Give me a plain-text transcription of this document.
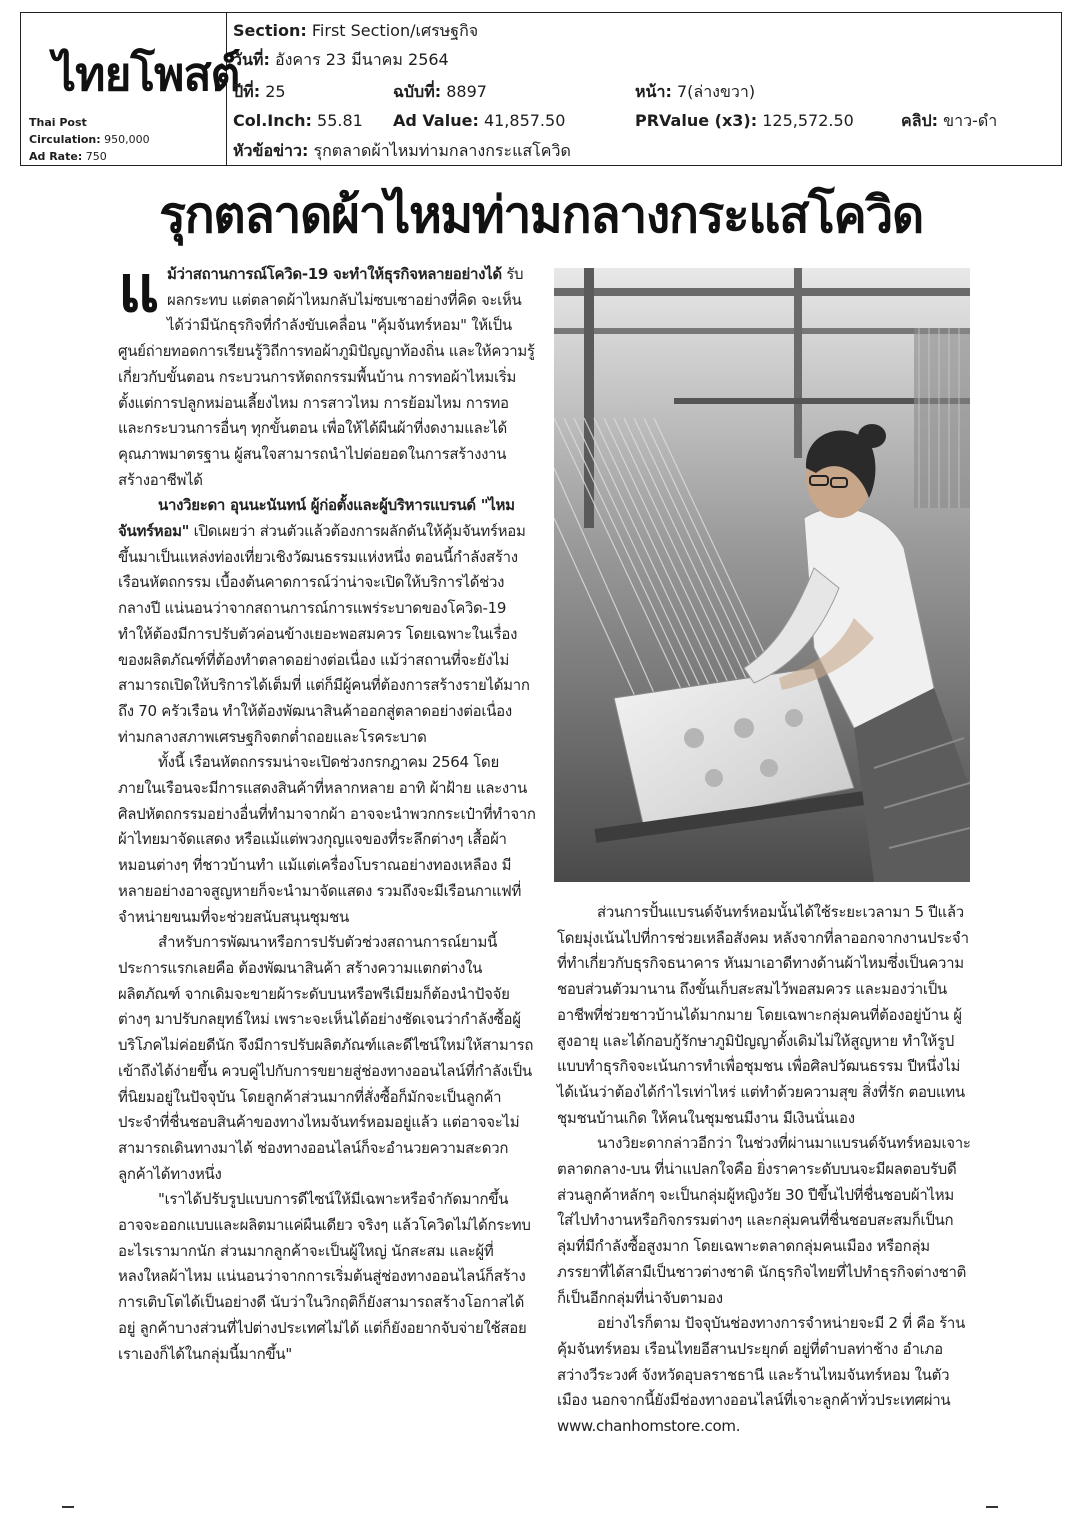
ไทยโพสต์
Thai Post
Circulation: 950,000
Ad Rate: 750
Section: First Section/เศรษฐกิจ
วันที่: อังคาร 23 มีนาคม 2564
ปีที่: 25	ฉบับที่: 8897	หน้า: 7(ล่างขวา)
Col.Inch: 55.81 Ad Value: 41,857.50	PRValue (x3): 125,572.50	คลิป: ขาว-ดำ
หัวข้อข่าว: รุกตลาดผ้าไหมท่ามกลางกระแสโควิด
รุกตลาดผ้าไหมท่ามกลางกระแสโควิด

แ ม้ว่าสถานการณ์โควิด-19 จะทำให้ธุรกิจหลายอย่างได้ รับผลกระทบ แต่ตลาดผ้าไหมกลับไม่ซบเซาอย่างที่คิด จะเห็นได้ว่ามีนักธุรกิจที่กำลังขับเคลื่อน "คุ้มจันทร์หอม" ให้เป็นศูนย์ถ่ายทอดการเรียนรู้วิถีการทอผ้าภูมิปัญญาท้องถิ่น และให้ความรู้เกี่ยวกับขั้นตอน กระบวนการหัตถกรรมพื้นบ้าน การทอผ้าไหมเริ่มตั้งแต่การปลูกหม่อนเลี้ยงไหม การสาวไหม การย้อมไหม การทอ และกระบวนการอื่นๆ ทุกขั้นตอน เพื่อให้ได้ผืนผ้าที่งดงามและได้คุณภาพมาตรฐาน ผู้สนใจสามารถนำไปต่อยอดในการสร้างงาน สร้างอาชีพได้

นางวิยะดา อุนนะนันทน์ ผู้ก่อตั้งและผู้บริหารแบรนด์ "ไหมจันทร์หอม" เปิดเผยว่า ส่วนตัวแล้วต้องการผลักดันให้คุ้มจันทร์หอมขึ้นมาเป็นแหล่งท่องเที่ยวเชิงวัฒนธรรมแห่งหนึ่ง ตอนนี้กำลังสร้างเรือนหัตถกรรม เบื้องต้นคาดการณ์ว่าน่าจะเปิดให้บริการได้ช่วงกลางปี แน่นอนว่าจากสถานการณ์การแพร่ระบาดของโควิด-19 ทำให้ต้องมีการปรับตัวค่อนข้างเยอะพอสมควร โดยเฉพาะในเรื่องของผลิตภัณฑ์ที่ต้องทำตลาดอย่างต่อเนื่อง แม้ว่าสถานที่จะยังไม่สามารถเปิดให้บริการได้เต็มที่ แต่ก็มีผู้คนที่ต้องการสร้างรายได้มากถึง 70 ครัวเรือน ทำให้ต้องพัฒนาสินค้าออกสู่ตลาดอย่างต่อเนื่อง ท่ามกลางสภาพเศรษฐกิจตกต่ำถอยและโรคระบาด

ทั้งนี้ เรือนหัตถกรรมน่าจะเปิดช่วงกรกฎาคม 2564 โดยภายในเรือนจะมีการแสดงสินค้าที่หลากหลาย อาทิ ผ้าฝ้าย และงานศิลปหัตถกรรมอย่างอื่นที่ทำมาจากผ้า อาจจะนำพวกกระเป๋าที่ทำจากผ้าไทยมาจัดแสดง หรือแม้แต่พวงกุญแจของที่ระลึกต่างๆ เสื้อผ้า หมอนต่างๆ ที่ชาวบ้านทำ แม้แต่เครื่องโบราณอย่างทองเหลือง มีหลายอย่างอาจสูญหายก็จะนำมาจัดแสดง รวมถึงจะมีเรือนกาแฟที่จำหน่ายขนมที่จะช่วยสนับสนุนชุมชน

สำหรับการพัฒนาหรือการปรับตัวช่วงสถานการณ์ยามนี้ ประการแรกเลยคือ ต้องพัฒนาสินค้า สร้างความแตกต่างในผลิตภัณฑ์ จากเดิมจะขายผ้าระดับบนหรือพรีเมียมก็ต้องนำปัจจัยต่างๆ มาปรับกลยุทธ์ใหม่ เพราะจะเห็นได้อย่างชัดเจนว่ากำลังซื้อผู้บริโภคไม่ค่อยดีนัก จึงมีการปรับผลิตภัณฑ์และดีไซน์ใหม่ให้สามารถเข้าถึงได้ง่ายขึ้น ควบคู่ไปกับการขยายสู่ช่องทางออนไลน์ที่กำลังเป็นที่นิยมอยู่ในปัจจุบัน โดยลูกค้าส่วนมากที่สั่งซื้อก็มักจะเป็นลูกค้าประจำที่ชื่นชอบสินค้าของทางไหมจันทร์หอมอยู่แล้ว แต่อาจจะไม่สามารถเดินทางมาได้ ช่องทางออนไลน์ก็จะอำนวยความสะดวกลูกค้าได้ทางหนึ่ง

"เราได้ปรับรูปแบบการดีไซน์ให้มีเฉพาะหรือจำกัดมากขึ้น อาจจะออกแบบและผลิตมาแค่ผืนเดียว จริงๆ แล้วโควิดไม่ได้กระทบอะไรเรามากนัก ส่วนมากลูกค้าจะเป็นผู้ใหญ่ นักสะสม และผู้ที่หลงใหลผ้าไหม แน่นอนว่าจากการเริ่มต้นสู่ช่องทางออนไลน์ก็สร้างการเติบโตได้เป็นอย่างดี นับว่าในวิกฤติก็ยังสามารถสร้างโอกาสได้อยู่ ลูกค้าบางส่วนที่ไปต่างประเทศไม่ได้ แต่ก็ยังอยากจับจ่ายใช้สอย เราเองก็ได้ในกลุ่มนี้มากขึ้น"

ส่วนการปั้นแบรนด์จันทร์หอมนั้นได้ใช้ระยะเวลามา 5 ปีแล้ว โดยมุ่งเน้นไปที่การช่วยเหลือสังคม หลังจากที่ลาออกจากงานประจำที่ทำเกี่ยวกับธุรกิจธนาคาร หันมาเอาดีทางด้านผ้าไหมซึ่งเป็นความชอบส่วนตัวมานาน ถึงขั้นเก็บสะสมไว้พอสมควร และมองว่าเป็นอาชีพที่ช่วยชาวบ้านได้มากมาย โดยเฉพาะกลุ่มคนที่ต้องอยู่บ้าน ผู้สูงอายุ และได้กอบกู้รักษาภูมิปัญญาดั้งเดิมไม่ให้สูญหาย ทำให้รูปแบบทำธุรกิจจะเน้นการทำเพื่อชุมชน เพื่อศิลปวัฒนธรรม ปีหนึ่งไม่ได้เน้นว่าต้องได้กำไรเท่าไหร่ แต่ทำด้วยความสุข สิ่งที่รัก ตอบแทนชุมชนบ้านเกิด ให้คนในชุมชนมีงาน มีเงินนั่นเอง

นางวิยะดากล่าวอีกว่า ในช่วงที่ผ่านมาแบรนด์จันทร์หอมเจาะตลาดกลาง-บน ที่น่าแปลกใจคือ ยิ่งราคาระดับบนจะมีผลตอบรับดี ส่วนลูกค้าหลักๆ จะเป็นกลุ่มผู้หญิงวัย 30 ปีขึ้นไปที่ชื่นชอบผ้าไหม ใส่ไปทำงานหรือกิจกรรมต่างๆ และกลุ่มคนที่ชื่นชอบสะสมก็เป็นกลุ่มที่มีกำลังซื้อสูงมาก โดยเฉพาะตลาดกลุ่มคนเมือง หรือกลุ่มภรรยาที่ได้สามีเป็นชาวต่างชาติ นักธุรกิจไทยที่ไปทำธุรกิจต่างชาติก็เป็นอีกกลุ่มที่น่าจับตามอง

อย่างไรก็ตาม ปัจจุบันช่องทางการจำหน่ายจะมี 2 ที่ คือ ร้านคุ้มจันทร์หอม เรือนไทยอีสานประยุกต์ อยู่ที่ตำบลท่าช้าง อำเภอสว่างวีระวงศ์ จังหวัดอุบลราชธานี และร้านไหมจันทร์หอม ในตัวเมือง นอกจากนี้ยังมีช่องทางออนไลน์ที่เจาะลูกค้าทั่วประเทศผ่าน www.chanhomstore.com.
